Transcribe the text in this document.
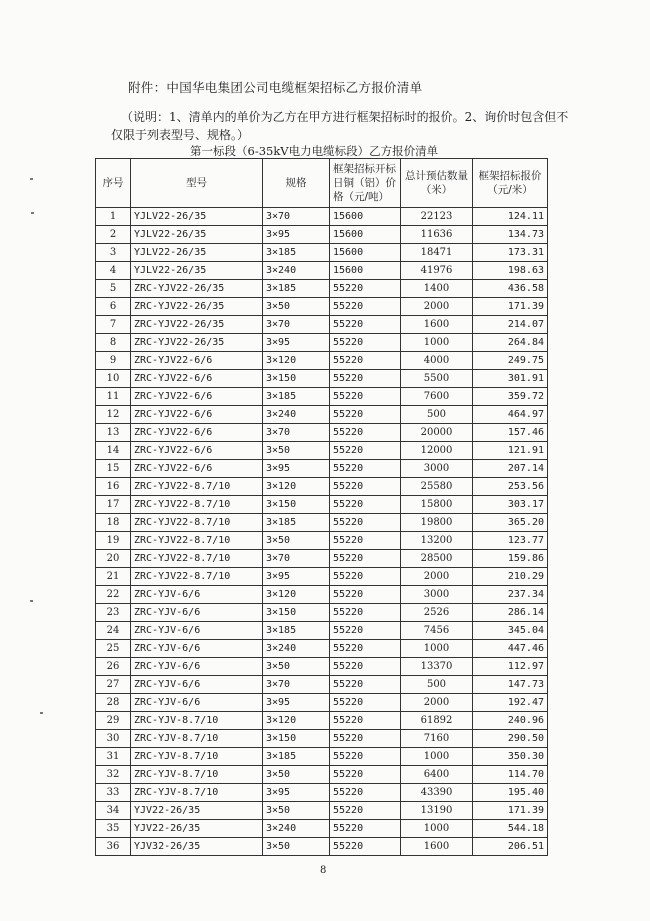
附件：中国华电集团公司电缆框架招标乙方报价清单
（说明：1、清单内的单价为乙方在甲方进行框架招标时的报价。2、询价时包含但不
仅限于列表型号、规格。）
第一标段（6-35kV电力电缆标段）乙方报价清单
序号	型号	规格	框架招标开标日铜（铝）价格（元/吨）	总计预估数量（米）	框架招标报价（元/米）
1	YJLV22-26/35	3×70	15600	22123	124.11
2	YJLV22-26/35	3×95	15600	11636	134.73
3	YJLV22-26/35	3×185	15600	18471	173.31
4	YJLV22-26/35	3×240	15600	41976	198.63
5	ZRC-YJV22-26/35	3×185	55220	1400	436.58
6	ZRC-YJV22-26/35	3×50	55220	2000	171.39
7	ZRC-YJV22-26/35	3×70	55220	1600	214.07
8	ZRC-YJV22-26/35	3×95	55220	1000	264.84
9	ZRC-YJV22-6/6	3×120	55220	4000	249.75
10	ZRC-YJV22-6/6	3×150	55220	5500	301.91
11	ZRC-YJV22-6/6	3×185	55220	7600	359.72
12	ZRC-YJV22-6/6	3×240	55220	500	464.97
13	ZRC-YJV22-6/6	3×70	55220	20000	157.46
14	ZRC-YJV22-6/6	3×50	55220	12000	121.91
15	ZRC-YJV22-6/6	3×95	55220	3000	207.14
16	ZRC-YJV22-8.7/10	3×120	55220	25580	253.56
17	ZRC-YJV22-8.7/10	3×150	55220	15800	303.17
18	ZRC-YJV22-8.7/10	3×185	55220	19800	365.20
19	ZRC-YJV22-8.7/10	3×50	55220	13200	123.77
20	ZRC-YJV22-8.7/10	3×70	55220	28500	159.86
21	ZRC-YJV22-8.7/10	3×95	55220	2000	210.29
22	ZRC-YJV-6/6	3×120	55220	3000	237.34
23	ZRC-YJV-6/6	3×150	55220	2526	286.14
24	ZRC-YJV-6/6	3×185	55220	7456	345.04
25	ZRC-YJV-6/6	3×240	55220	1000	447.46
26	ZRC-YJV-6/6	3×50	55220	13370	112.97
27	ZRC-YJV-6/6	3×70	55220	500	147.73
28	ZRC-YJV-6/6	3×95	55220	2000	192.47
29	ZRC-YJV-8.7/10	3×120	55220	61892	240.96
30	ZRC-YJV-8.7/10	3×150	55220	7160	290.50
31	ZRC-YJV-8.7/10	3×185	55220	1000	350.30
32	ZRC-YJV-8.7/10	3×50	55220	6400	114.70
33	ZRC-YJV-8.7/10	3×95	55220	43390	195.40
34	YJV22-26/35	3×50	55220	13190	171.39
35	YJV22-26/35	3×240	55220	1000	544.18
36	YJV32-26/35	3×50	55220	1600	206.51
8
